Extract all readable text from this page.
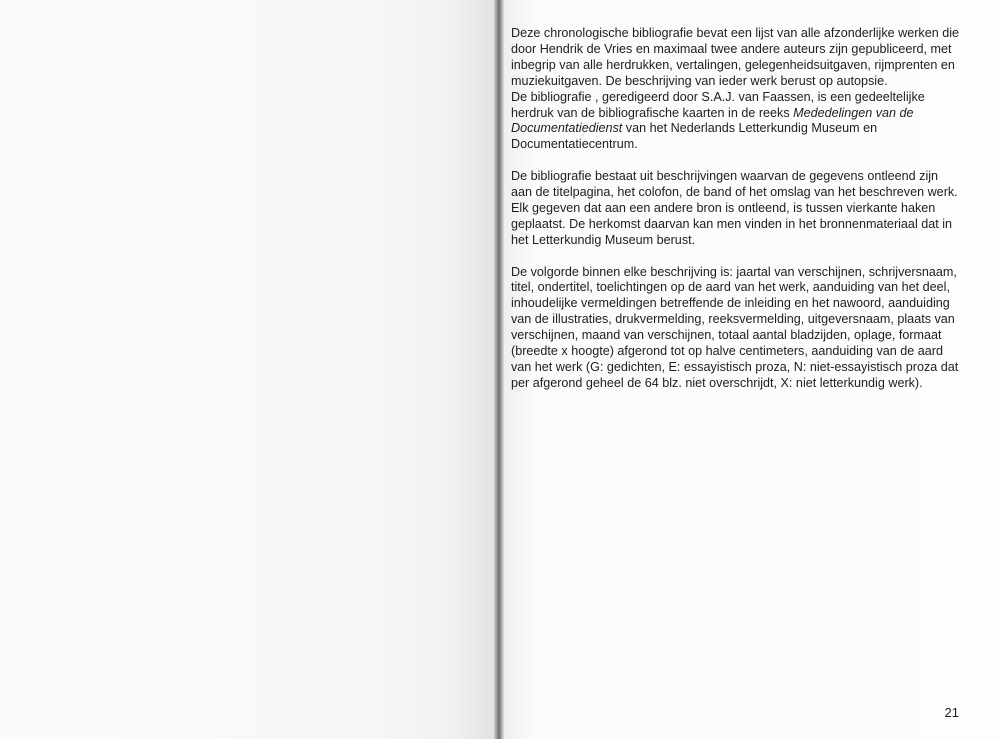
Deze chronologische bibliografie bevat een lijst van alle afzonderlijke werken die door Hendrik de Vries en maximaal twee andere auteurs zijn gepubliceerd, met inbegrip van alle herdrukken, vertalingen, gelegenheidsuitgaven, rijmprenten en muziekuitgaven. De beschrijving van ieder werk berust op autopsie.

De bibliografie , geredigeerd door S.A.J. van Faassen, is een gedeeltelijke herdruk van de bibliografische kaarten in de reeks Mededelingen van de Documentatiedienst van het Nederlands Letterkundig Museum en Documentatiecentrum.

De bibliografie bestaat uit beschrijvingen waarvan de gegevens ontleend zijn aan de titelpagina, het colofon, de band of het omslag van het beschreven werk. Elk gegeven dat aan een andere bron is ontleend, is tussen vierkante haken geplaatst. De herkomst daarvan kan men vinden in het bronnenmateriaal dat in het Letterkundig Museum berust.

De volgorde binnen elke beschrijving is: jaartal van verschijnen, schrijversnaam, titel, ondertitel, toelichtingen op de aard van het werk, aanduiding van het deel, inhoudelijke vermeldingen betreffende de inleiding en het nawoord, aanduiding van de illustraties, drukvermelding, reeksvermelding, uitgeversnaam, plaats van verschijnen, maand van verschijnen, totaal aantal bladzijden, oplage, formaat (breedte x hoogte) afgerond tot op halve centimeters, aanduiding van de aard van het werk (G: gedichten, E: essayistisch proza, N: niet-essayistisch proza dat per afgerond geheel de 64 blz. niet overschrijdt, X: niet letterkundig werk).

21
